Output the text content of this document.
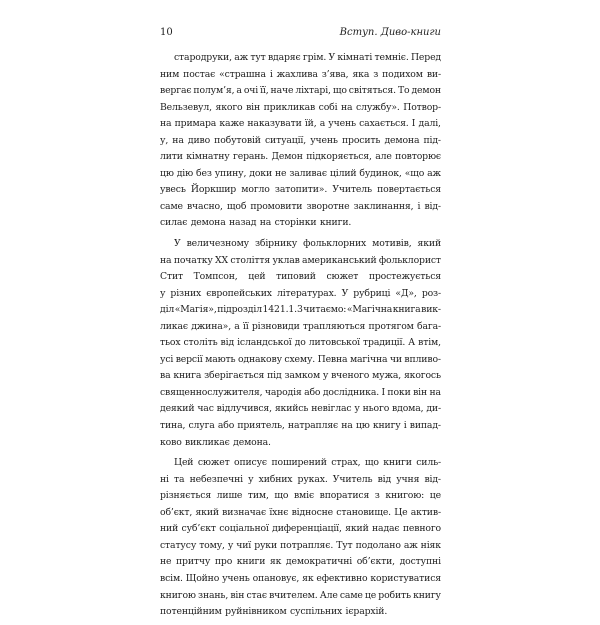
10	Вступ. Диво-книги
стародруки, аж тут вдаряє грім. У кімнаті темніє. Перед
ним постає «страшна і жахлива з’ява, яка з подихом ви-
вергає полум’я, а очі її, наче ліхтарі, що світяться. То демон
Вельзевул, якого він прикликав собі на службу». Потвор-
на примара каже наказувати їй, а учень сахається. І далі,
у, на диво побутовій ситуації, учень просить демона під-
лити кімнатну герань. Демон підкоряється, але повторює
цю дію без упину, доки не заливає цілий будинок, «що аж
увесь Йоркшир могло затопити». Учитель повертається
саме вчасно, щоб промовити зворотне заклинання, і від-
силає демона назад на сторінки книги.
У величезному збірнику фольклорних мотивів, який
на початку XX століття уклав американський фольклорист
Стит Томпсон, цей типовий сюжет простежується
у різних європейських літературах. У рубриці «Д», роз-
діл «Магія», підрозділ 1421.1.3 читаємо: «Магічна книга вик-
ликає джина», а її різновиди трапляються протягом бага-
тьох століть від ісландської до литовської традиції. А втім,
усі версії мають однакову схему. Певна магічна чи впливо-
ва книга зберігається під замком у вченого мужа, якогось
священнослужителя, чародія або дослідника. І поки він на
деякий час відлучився, якийсь невіглас у нього вдома, ди-
тина, слуга або приятель, натрапляє на цю книгу і випад-
ково викликає демона.
Цей сюжет описує поширений страх, що книги силь-
ні та небезпечні у хибних руках. Учитель від учня від-
різняється лише тим, що вміє впоратися з книгою: це
об’єкт, який визначає їхнє відносне становище. Це актив-
ний суб’єкт соціальної диференціації, який надає певного
статусу тому, у чиї руки потрапляє. Тут подолано аж ніяк
не притчу про книги як демократичні об’єкти, доступні
всім. Щойно учень опановує, як ефективно користуватися
книгою знань, він стає вчителем. Але саме це робить книгу
потенційним руйнівником суспільних ієрархій.
